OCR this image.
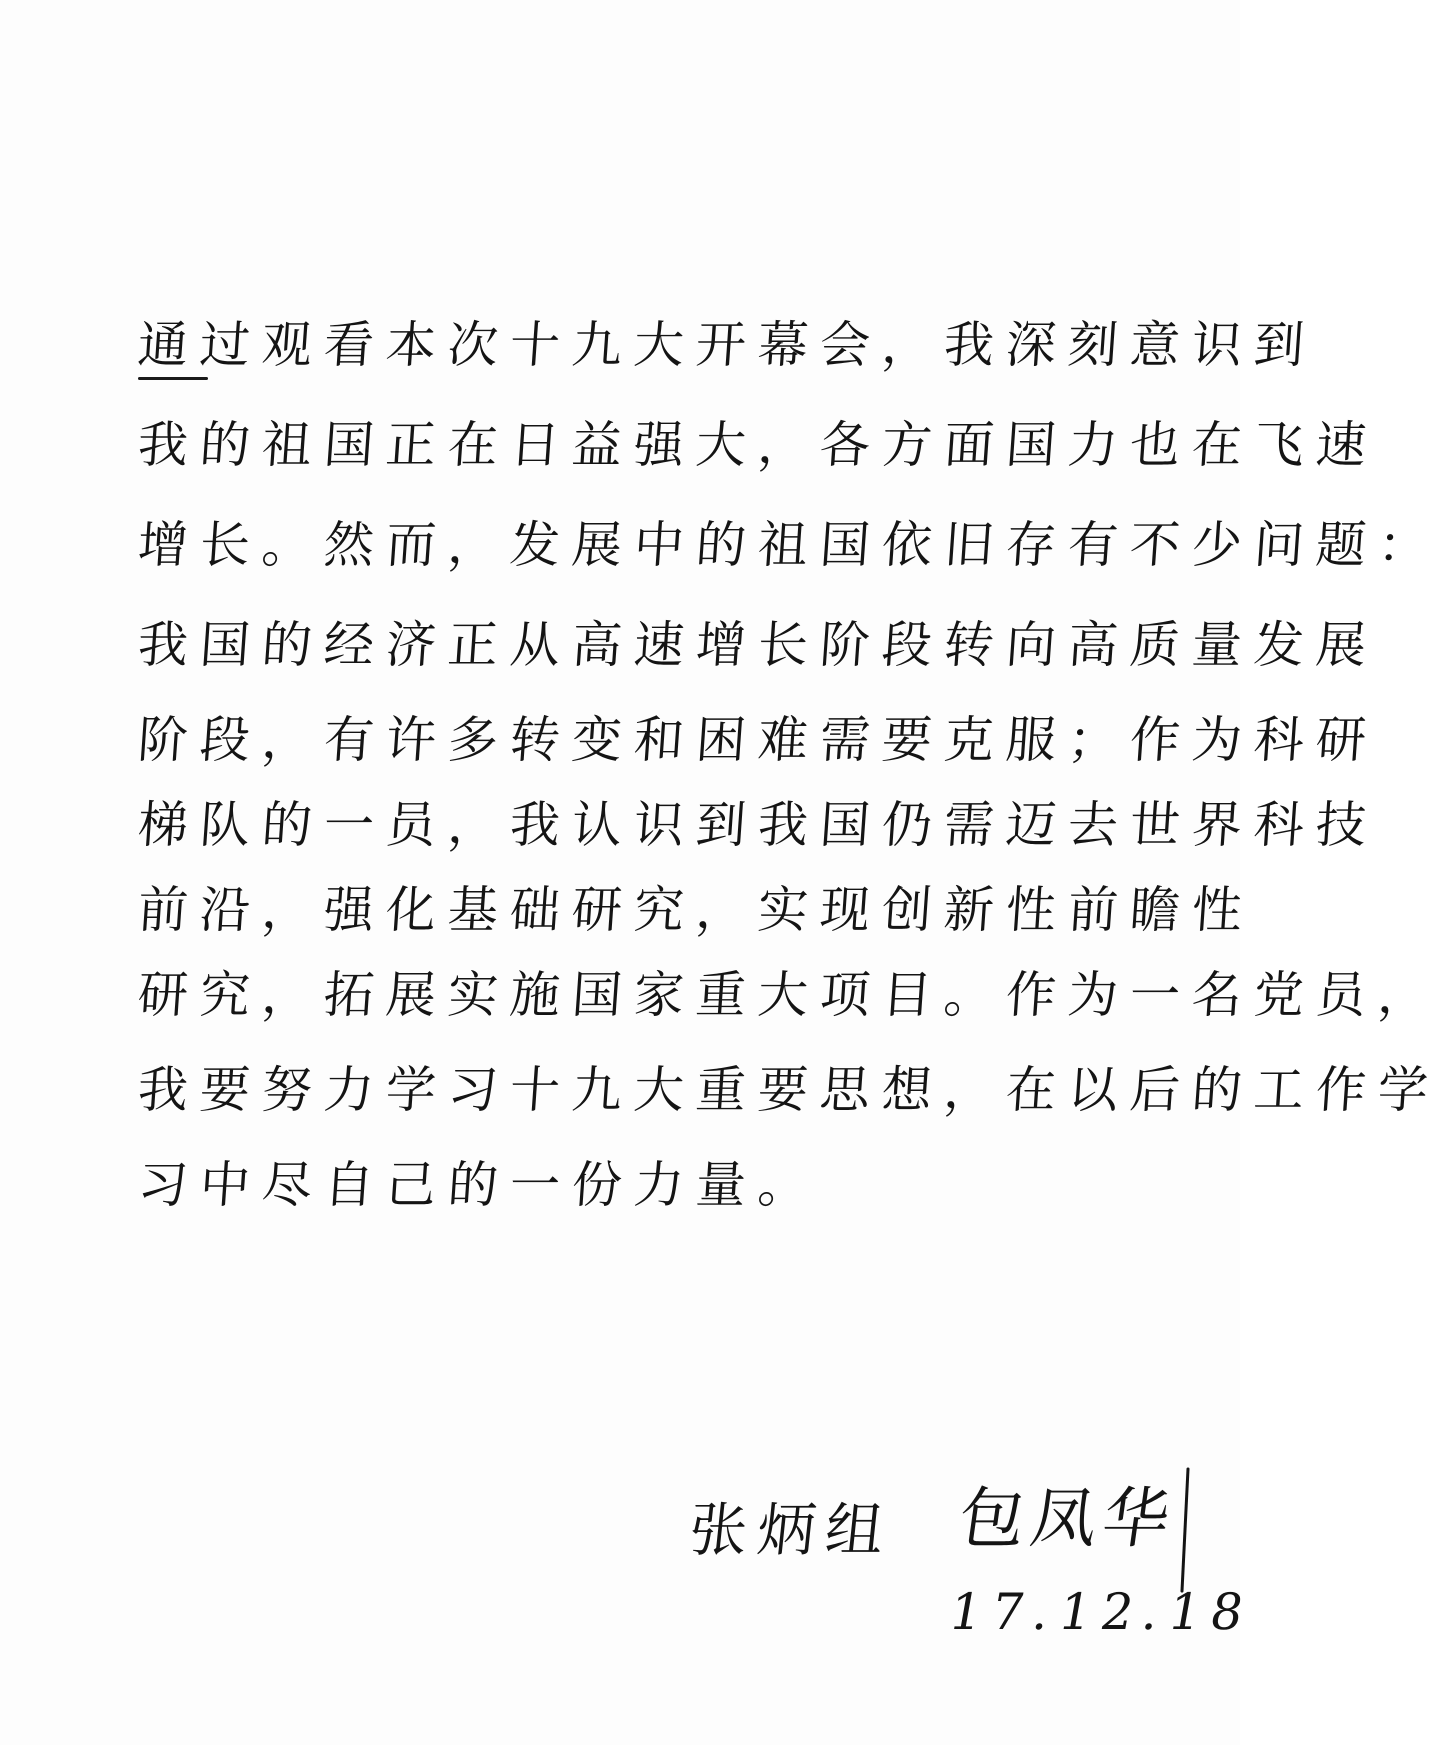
通过观看本次十九大开幕会，我深刻意识到
我的祖国正在日益强大，各方面国力也在飞速
增长。然而，发展中的祖国依旧存有不少问题：
我国的经济正从高速增长阶段转向高质量发展
阶段，有许多转变和困难需要克服；作为科研
梯队的一员，我认识到我国仍需迈去世界科技
前沿，强化基础研究，实现创新性前瞻性
研究，拓展实施国家重大项目。作为一名党员，
我要努力学习十九大重要思想，在以后的工作学
习中尽自己的一份力量。
张炳组 包凤华
17.12.18
